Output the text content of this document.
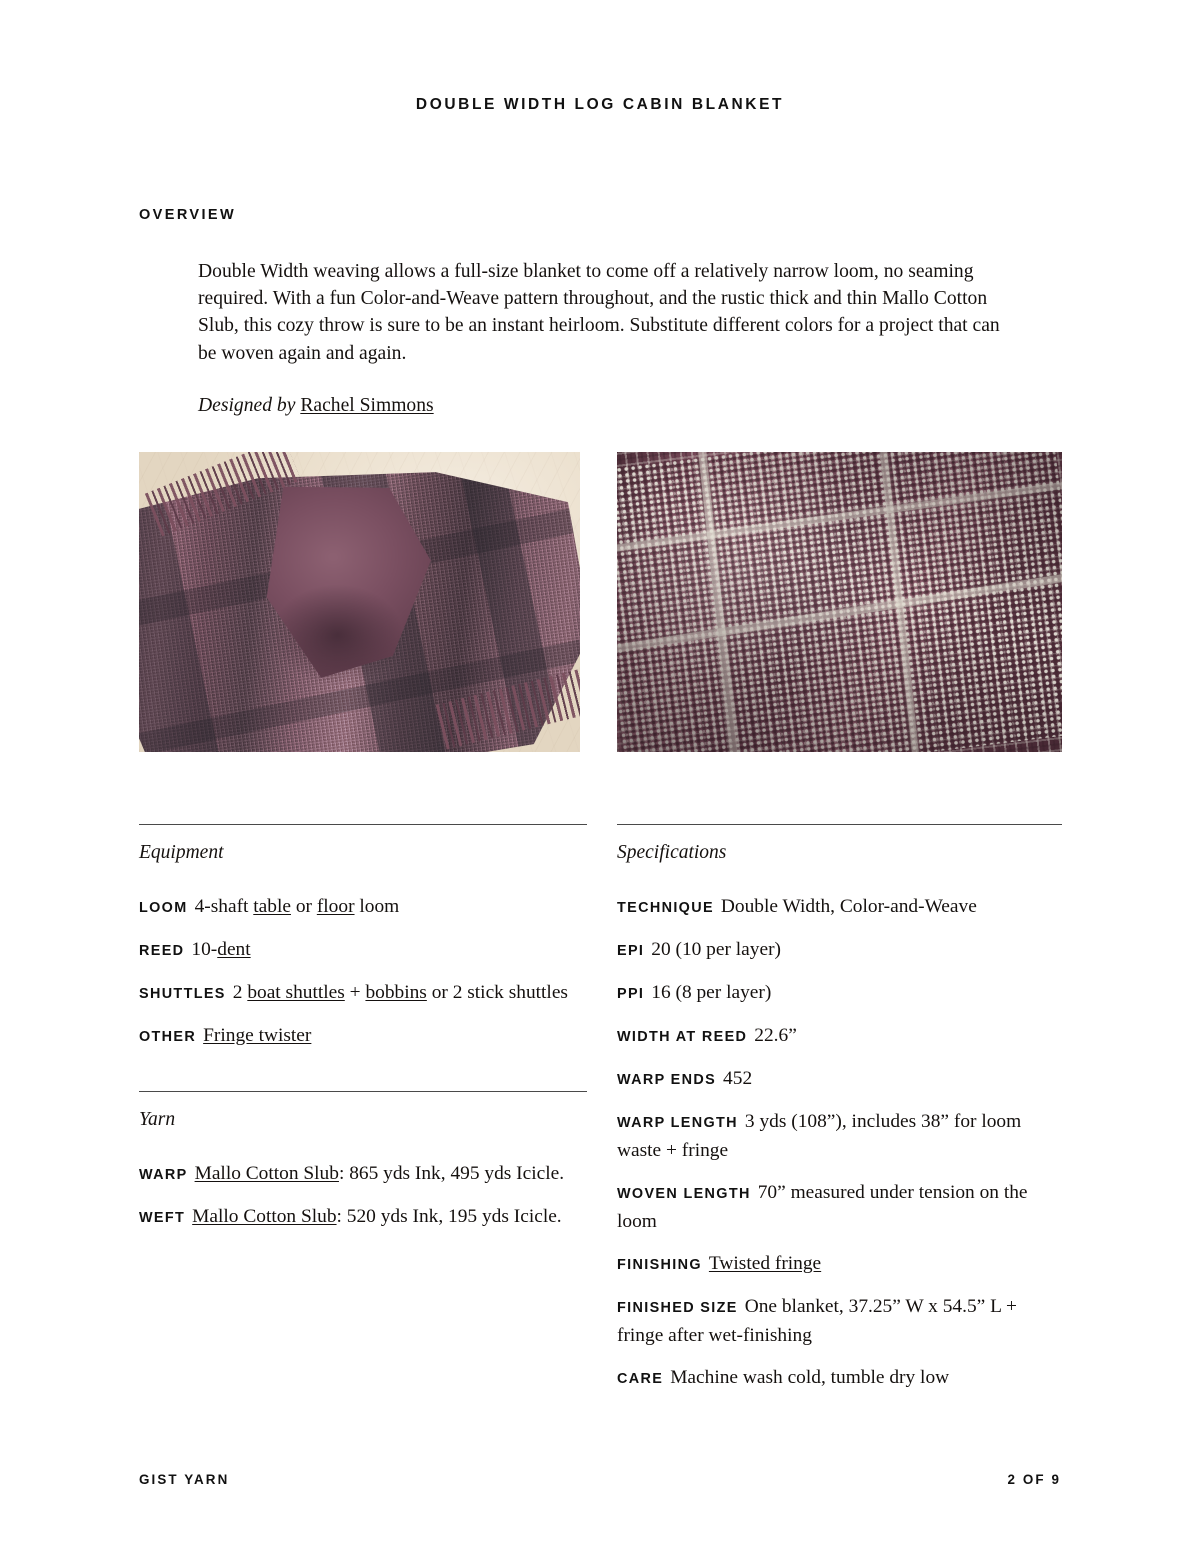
DOUBLE WIDTH LOG CABIN BLANKET
OVERVIEW

Double Width weaving allows a full-size blanket to come off a relatively narrow loom, no seaming required. With a fun Color-and-Weave pattern throughout, and the rustic thick and thin Mallo Cotton Slub, this cozy throw is sure to be an instant heirloom. Substitute different colors for a project that can be woven again and again.

Designed by Rachel Simmons
Equipment
LOOM 4-shaft table or floor loom
REED 10-dent
SHUTTLES 2 boat shuttles + bobbins or 2 stick shuttles
OTHER Fringe twister
Yarn
WARP Mallo Cotton Slub: 865 yds Ink, 495 yds Icicle.
WEFT Mallo Cotton Slub: 520 yds Ink, 195 yds Icicle.
Specifications
TECHNIQUE Double Width, Color-and-Weave
EPI 20 (10 per layer)
PPI 16 (8 per layer)
WIDTH AT REED 22.6”
WARP ENDS 452
WARP LENGTH 3 yds (108”), includes 38” for loom waste + fringe
WOVEN LENGTH 70” measured under tension on the loom
FINISHING Twisted fringe
FINISHED SIZE One blanket, 37.25” W x 54.5” L + fringe after wet-finishing
CARE Machine wash cold, tumble dry low
GIST YARN	2 OF 9
